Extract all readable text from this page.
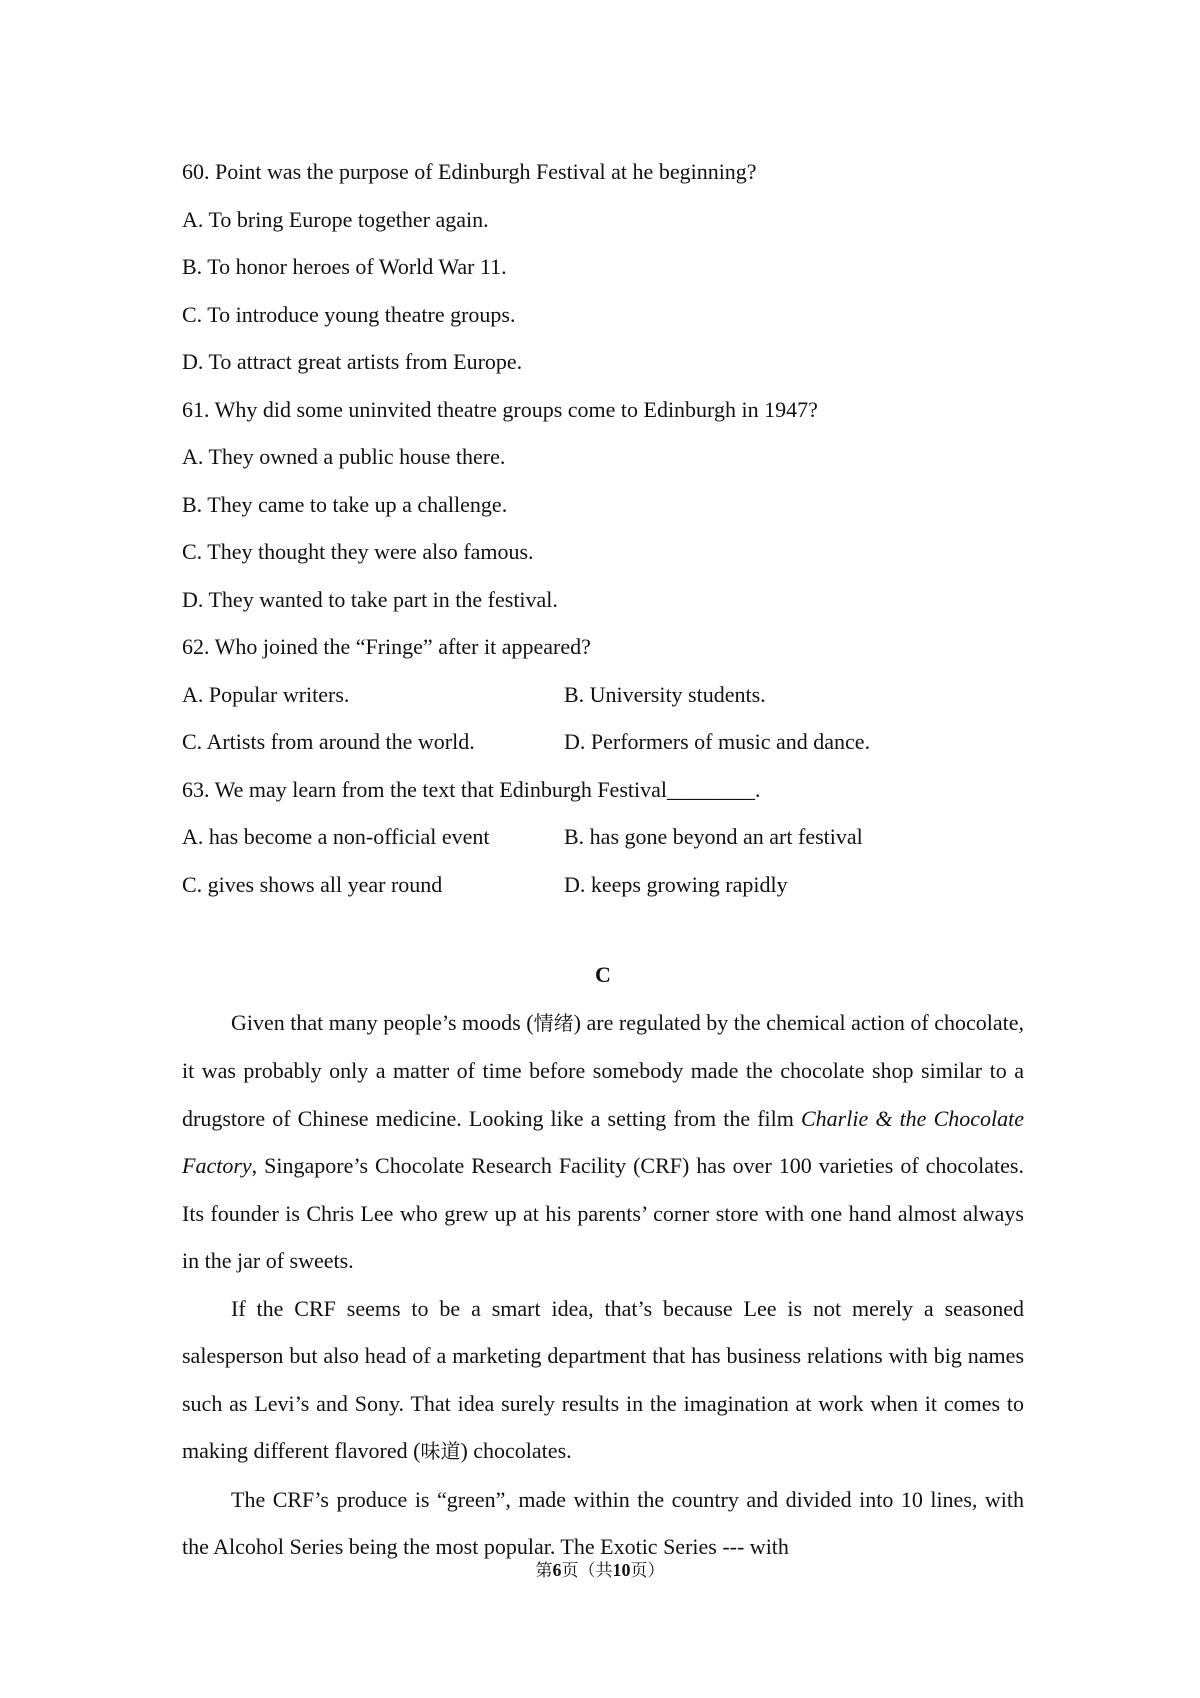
60. Point was the purpose of Edinburgh Festival at he beginning?
A. To bring Europe together again.
B. To honor heroes of World War 11.
C. To introduce young theatre groups.
D. To attract great artists from Europe.
61. Why did some uninvited theatre groups come to Edinburgh in 1947?
A. They owned a public house there.
B. They came to take up a challenge.
C. They thought they were also famous.
D. They wanted to take part in the festival.
62. Who joined the “Fringe” after it appeared?
A. Popular writers.	B. University students.
C. Artists from around the world.	D. Performers of music and dance.
63. We may learn from the text that Edinburgh Festival________.
A. has become a non-official event	B. has gone beyond an art festival
C. gives shows all year round	D. keeps growing rapidly
C

Given that many people’s moods (情绪) are regulated by the chemical action of chocolate, it was probably only a matter of time before somebody made the chocolate shop similar to a drugstore of Chinese medicine. Looking like a setting from the film Charlie & the Chocolate Factory, Singapore’s Chocolate Research Facility (CRF) has over 100 varieties of chocolates. Its founder is Chris Lee who grew up at his parents’ corner store with one hand almost always in the jar of sweets.

If the CRF seems to be a smart idea, that’s because Lee is not merely a seasoned salesperson but also head of a marketing department that has business relations with big names such as Levi’s and Sony. That idea surely results in the imagination at work when it comes to making different flavored (味道) chocolates.

The CRF’s produce is “green”, made within the country and divided into 10 lines, with the Alcohol Series being the most popular. The Exotic Series --- with

第6页（共10页）
